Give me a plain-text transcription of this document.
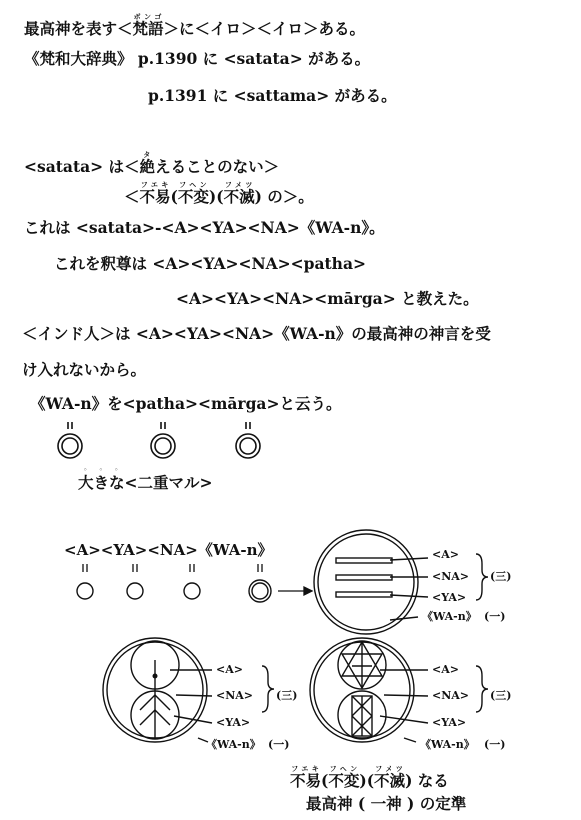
最高神を表す＜梵語ボンゴ＞に＜イロ＞＜イロ＞ある。
《梵和大辞典》 p.1390 に <satata> がある。
p.1391 に <sattama> がある。
<satata> は＜絶タえることのない＞
＜不易フエキ(不変フヘン)(不滅フメツ) の＞。
これは <satata>-<A><YA><NA>《WA-n》。
これを釈尊は <A><YA><NA><patha>
<A><YA><NA><mārga> と教えた。
＜インド人＞は <A><YA><NA>《WA-n》の最高神の神言を受
け入れないから。
《WA-n》を<patha><mārga>と云う。
大◦き◦な◦<二重マル>
<A><YA><NA>《WA-n》	<A>
<NA>
<YA>
(三)
《WA-n》 (一)
<A>
<NA>
<YA>
(三)
《WA-n》 (一)
<A>
<NA>
<YA>
(三)
《WA-n》 (一)
不易フエキ(不変フヘン)(不滅フメツ) なる
最高神 ( 一神 ) の定準
